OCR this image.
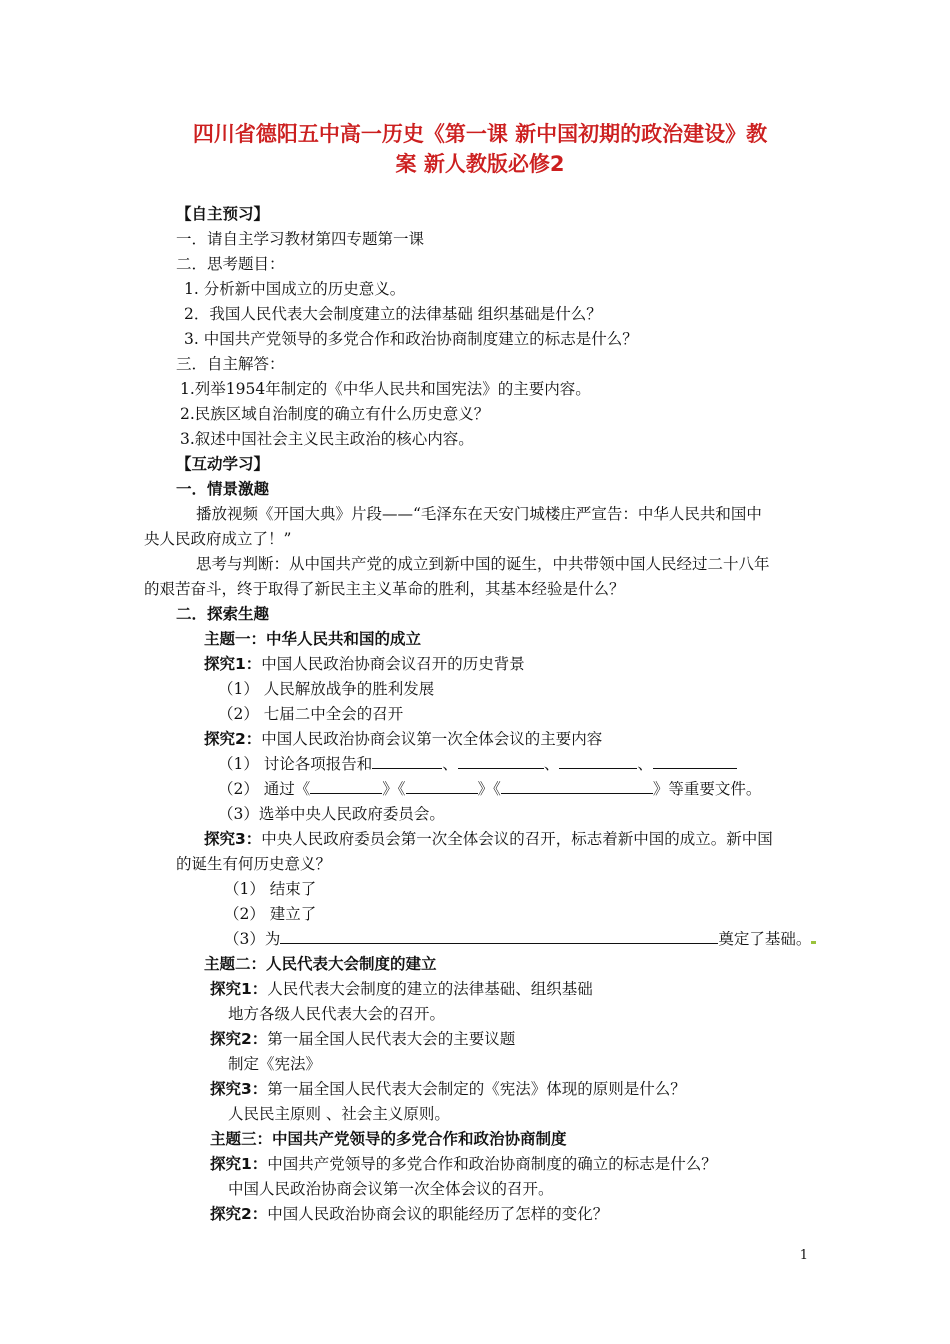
四川省德阳五中高一历史《第一课 新中国初期的政治建设》教
案 新人教版必修2
【自主预习】
一．请自主学习教材第四专题第一课
二．思考题目：
1. 分析新中国成立的历史意义。
2．我国人民代表大会制度建立的法律基础 组织基础是什么？
3. 中国共产党领导的多党合作和政治协商制度建立的标志是什么？
三．自主解答：
1.列举1954年制定的《中华人民共和国宪法》的主要内容。
2.民族区域自治制度的确立有什么历史意义？
3.叙述中国社会主义民主政治的核心内容。
【互动学习】
一．情景激趣
播放视频《开国大典》片段——“毛泽东在天安门城楼庄严宣告：中华人民共和国中
央人民政府成立了！”
思考与判断：从中国共产党的成立到新中国的诞生，中共带领中国人民经过二十八年
的艰苦奋斗，终于取得了新民主主义革命的胜利，其基本经验是什么？
二．探索生趣
主题一：中华人民共和国的成立
探究1：中国人民政治协商会议召开的历史背景
（1） 人民解放战争的胜利发展
（2） 七届二中全会的召开
探究2：中国人民政治协商会议第一次全体会议的主要内容
（1） 讨论各项报告和	、	、	、
（2） 通过《	》《	》《	》等重要文件。
（3）选举中央人民政府委员会。
探究3：中央人民政府委员会第一次全体会议的召开，标志着新中国的成立。新中国
的诞生有何历史意义？
（1） 结束了
（2） 建立了
（3）为	奠定了基础。
主题二：人民代表大会制度的建立
探究1：人民代表大会制度的建立的法律基础、组织基础
地方各级人民代表大会的召开。
探究2：第一届全国人民代表大会的主要议题
制定《宪法》
探究3：第一届全国人民代表大会制定的《宪法》体现的原则是什么？
人民民主原则 、社会主义原则。
主题三：中国共产党领导的多党合作和政治协商制度
探究1：中国共产党领导的多党合作和政治协商制度的确立的标志是什么？
中国人民政治协商会议第一次全体会议的召开。
探究2：中国人民政治协商会议的职能经历了怎样的变化？
1
